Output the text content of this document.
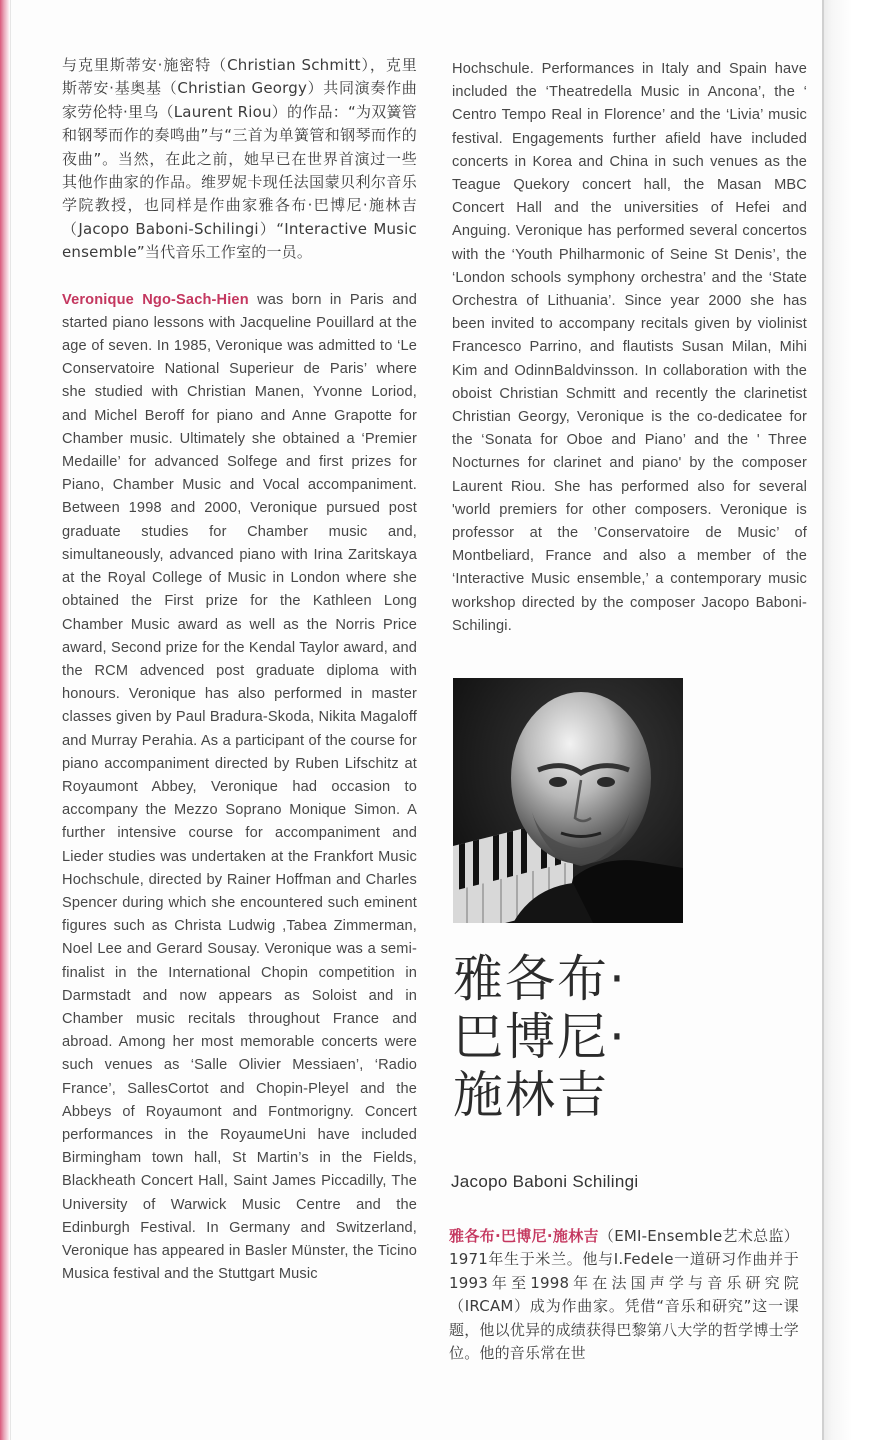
与克里斯蒂安·施密特（Christian Schmitt），克里斯蒂安·基奥基（Christian Georgy）共同演奏作曲家劳伦特·里乌（Laurent Riou）的作品：“为双簧管和钢琴而作的奏鸣曲”与“三首为单簧管和钢琴而作的夜曲”。当然，在此之前，她早已在世界首演过一些其他作曲家的作品。维罗妮卡现任法国蒙贝利尔音乐学院教授，也同样是作曲家雅各布·巴博尼·施林吉（Jacopo Baboni-Schilingi）“Interactive Music ensemble”当代音乐工作室的一员。

Veronique Ngo-Sach-Hien was born in Paris and started piano lessons with Jacqueline Pouillard at the age of seven. In 1985, Veronique was admitted to ‘Le Conservatoire National Superieur de Paris’ where she studied with Christian Manen, Yvonne Loriod, and Michel Beroff for piano and Anne Grapotte for Chamber music. Ultimately she obtained a ‘Premier Medaille’ for advanced Solfege and first prizes for Piano, Chamber Music and Vocal accompaniment. Between 1998 and 2000, Veronique pursued post graduate studies for Chamber music and, simultaneously, advanced piano with Irina Zaritskaya at the Royal College of Music in London where she obtained the First prize for the Kathleen Long Chamber Music award as well as the Norris Price award, Second prize for the Kendal Taylor award, and the RCM advenced post graduate diploma with honours. Veronique has also performed in master classes given by Paul Bradura-Skoda, Nikita Magaloff and Murray Perahia. As a participant of the course for piano accompaniment directed by Ruben Lifschitz at Royaumont Abbey, Veronique had occasion to accompany the Mezzo Soprano Monique Simon. A further intensive course for accompaniment and Lieder studies was undertaken at the Frankfort Music Hochschule, directed by Rainer Hoffman and Charles Spencer during which she encountered such eminent figures such as Christa Ludwig ,Tabea Zimmerman, Noel Lee and Gerard Sousay. Veronique was a semi-finalist in the International Chopin competition in Darmstadt and now appears as Soloist and in Chamber music recitals throughout France and abroad. Among her most memorable concerts were such venues as ‘Salle Olivier Messiaen’, ‘Radio France’, SallesCortot and Chopin-Pleyel and the Abbeys of Royaumont and Fontmorigny. Concert performances in the RoyaumeUni have included Birmingham town hall, St Martin’s in the Fields, Blackheath Concert Hall, Saint James Piccadilly, The University of Warwick Music Centre and the Edinburgh Festival. In Germany and Switzerland, Veronique has appeared in Basler Münster, the Ticino Musica festival and the Stuttgart Music

Hochschule. Performances in Italy and Spain have included the ‘Theatredella Music in Ancona’, the ‘ Centro Tempo Real in Florence’ and the ‘Livia’ music festival. Engagements further afield have included concerts in Korea and China in such venues as the Teague Quekory concert hall, the Masan MBC Concert Hall and the universities of Hefei and Anguing. Veronique has performed several concertos with the ‘Youth Philharmonic of Seine St Denis’, the ‘London schools symphony orchestra’ and the ‘State Orchestra of Lithuania’. Since year 2000 she has been invited to accompany recitals given by violinist Francesco Parrino, and flautists Susan Milan, Mihi Kim and OdinnBaldvinsson. In collaboration with the oboist Christian Schmitt and recently the clarinetist Christian Georgy, Veronique is the co-dedicatee for the ‘Sonata for Oboe and Piano’ and the ' Three Nocturnes for clarinet and piano' by the composer Laurent Riou. She has performed also for several 'world premiers for other composers. Veronique is professor at the ’Conservatoire de Music’ of Montbeliard, France and also a member of the ‘Interactive Music ensemble,’ a contemporary music workshop directed by the composer Jacopo Baboni-Schilingi.

雅各布·
巴博尼·
施林吉
Jacopo Baboni Schilingi

雅各布·巴博尼·施林吉（EMI-Ensemble艺术总监）1971年生于米兰。他与I.Fedele一道研习作曲并于1993年至1998年在法国声学与音乐研究院（IRCAM）成为作曲家。凭借“音乐和研究”这一课题，他以优异的成绩获得巴黎第八大学的哲学博士学位。他的音乐常在世
